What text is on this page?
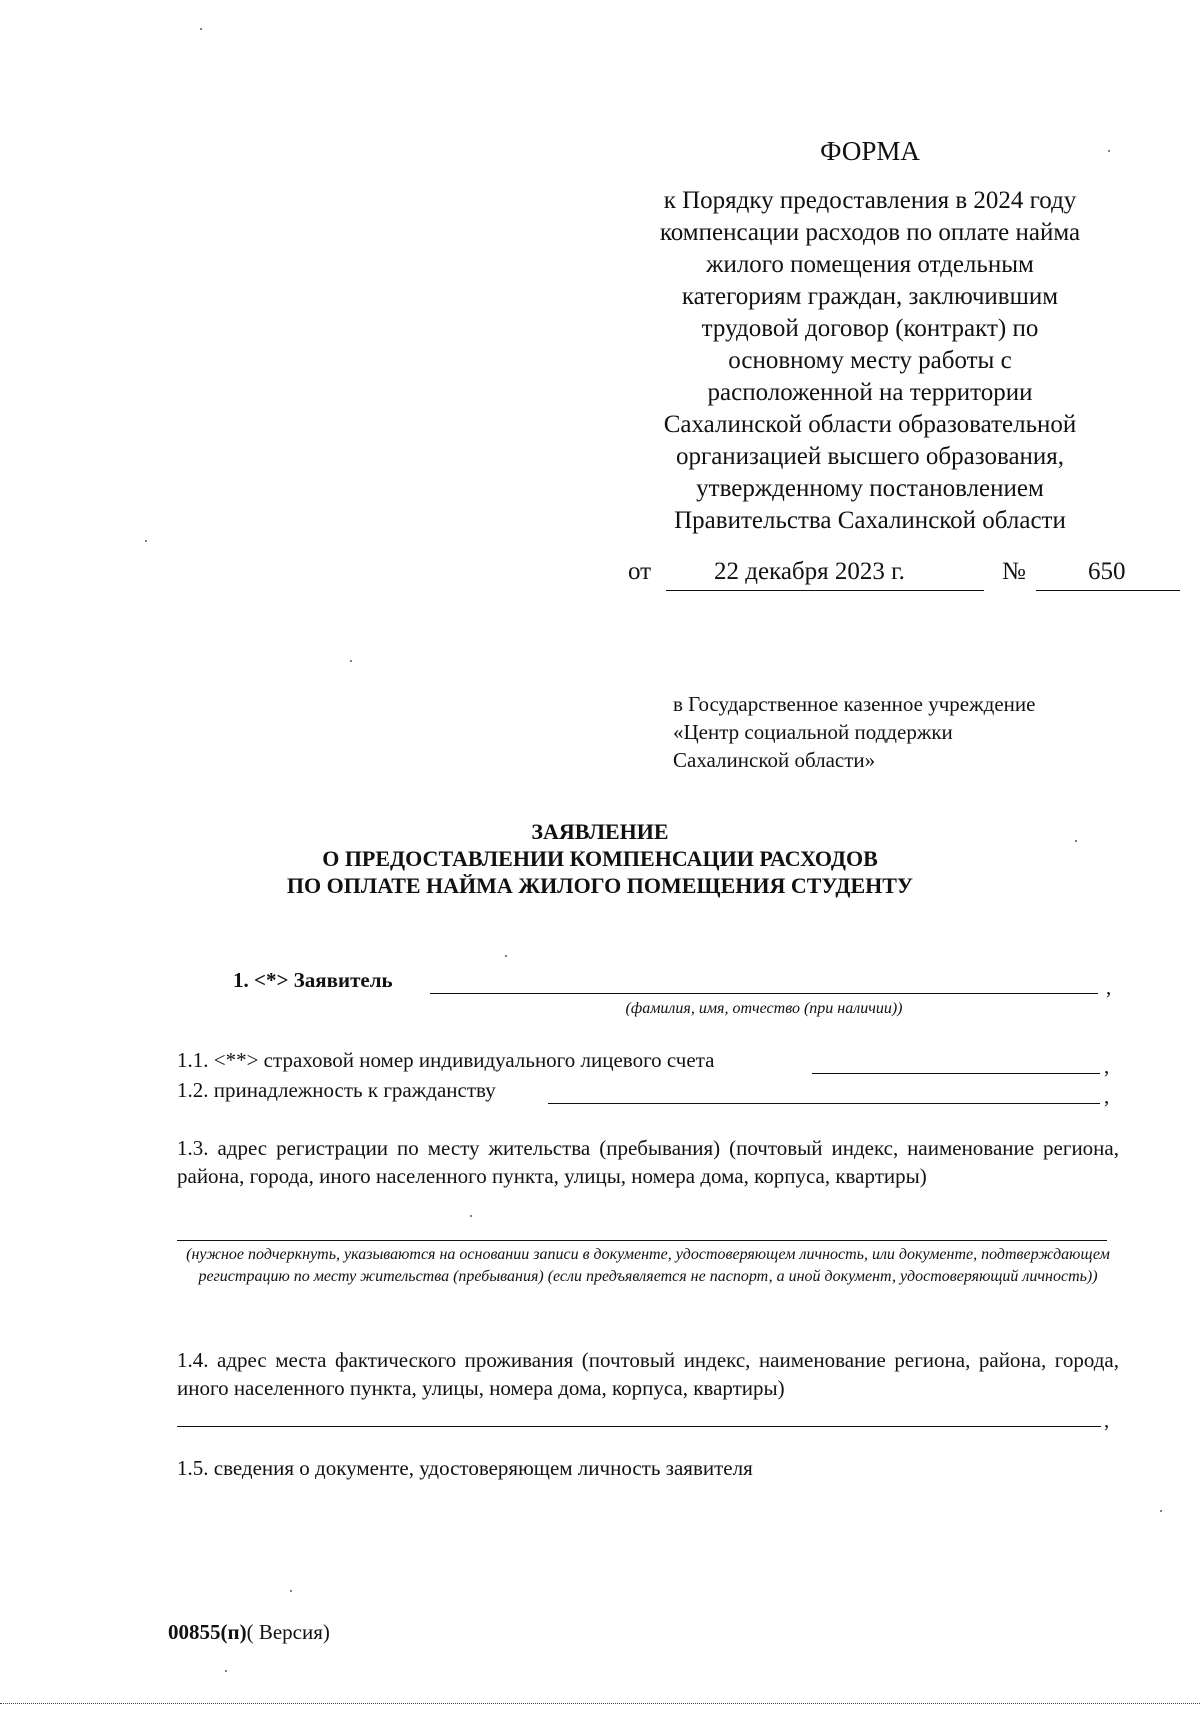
ФОРМА
к Порядку предоставления в 2024 году
компенсации расходов по оплате найма
жилого помещения отдельным
категориям граждан, заключившим
трудовой договор (контракт) по
основному месту работы с
расположенной на территории
Сахалинской области образовательной
организацией высшего образования,
утвержденному постановлением
Правительства Сахалинской области
от	22 декабря 2023 г.	№ 650
в Государственное казенное учреждение
«Центр социальной поддержки
Сахалинской области»
ЗАЯВЛЕНИЕ
О ПРЕДОСТАВЛЕНИИ КОМПЕНСАЦИИ РАСХОДОВ
ПО ОПЛАТЕ НАЙМА ЖИЛОГО ПОМЕЩЕНИЯ СТУДЕНТУ
1. <*> Заявитель	,
(фамилия, имя, отчество (при наличии))
1.1. <**> страховой номер индивидуального лицевого счета	,
1.2. принадлежность к гражданству	,
1.3. адрес регистрации по месту жительства (пребывания) (почтовый индекс, наименование региона, района, города, иного населенного пункта, улицы, номера дома, корпуса, квартиры)
(нужное подчеркнуть, указываются на основании записи в документе, удостоверяющем личность, или документе, подтверждающем регистрацию по месту жительства (пребывания) (если предъявляется не паспорт, а иной документ, удостоверяющий личность))
1.4. адрес места фактического проживания (почтовый индекс, наименование региона, района, города, иного населенного пункта, улицы, номера дома, корпуса, квартиры)
,
1.5. сведения о документе, удостоверяющем личность заявителя
00855(п)( Версия)
